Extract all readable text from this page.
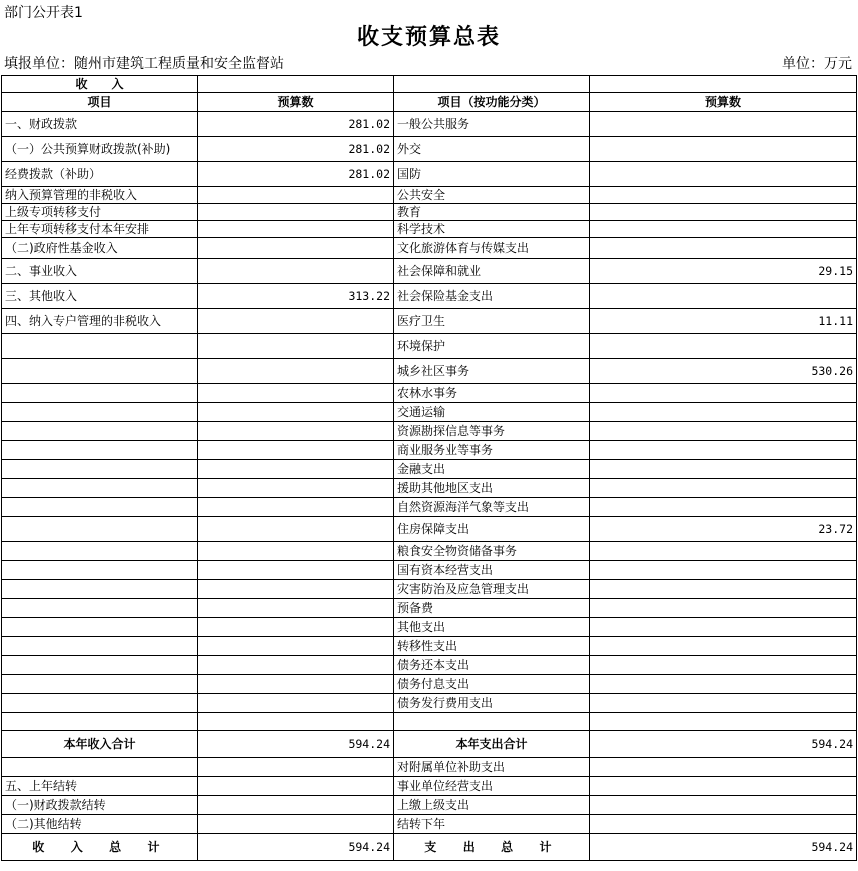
部门公开表1
收支预算总表
填报单位：随州市建筑工程质量和安全监督站	单位：万元
收　　入			
项目	预算数	项目（按功能分类）	预算数
一、财政拨款	281.02	一般公共服务	
（一）公共预算财政拨款(补助)	281.02	外交	
经费拨款（补助）	281.02	国防	
纳入预算管理的非税收入		公共安全	
上级专项转移支付		教育	
上年专项转移支付本年安排		科学技术	
（二)政府性基金收入		文化旅游体育与传媒支出	
二、事业收入		社会保障和就业	29.15
三、其他收入	313.22	社会保险基金支出	
四、纳入专户管理的非税收入		医疗卫生	11.11
		环境保护	
		城乡社区事务	530.26
		农林水事务	
		交通运输	
		资源勘探信息等事务	
		商业服务业等事务	
		金融支出	
		援助其他地区支出	
		自然资源海洋气象等支出	
		住房保障支出	23.72
		粮食安全物资储备事务	
		国有资本经营支出	
		灾害防治及应急管理支出	
		预备费	
		其他支出	
		转移性支出	
		债务还本支出	
		债务付息支出	
		债务发行费用支出	

本年收入合计	594.24	本年支出合计	594.24
		对附属单位补助支出	
五、上年结转		事业单位经营支出	
（一)财政拨款结转		上缴上级支出	
（二)其他结转		结转下年	
收　入　总　计	594.24	支　出　总　计	594.24
